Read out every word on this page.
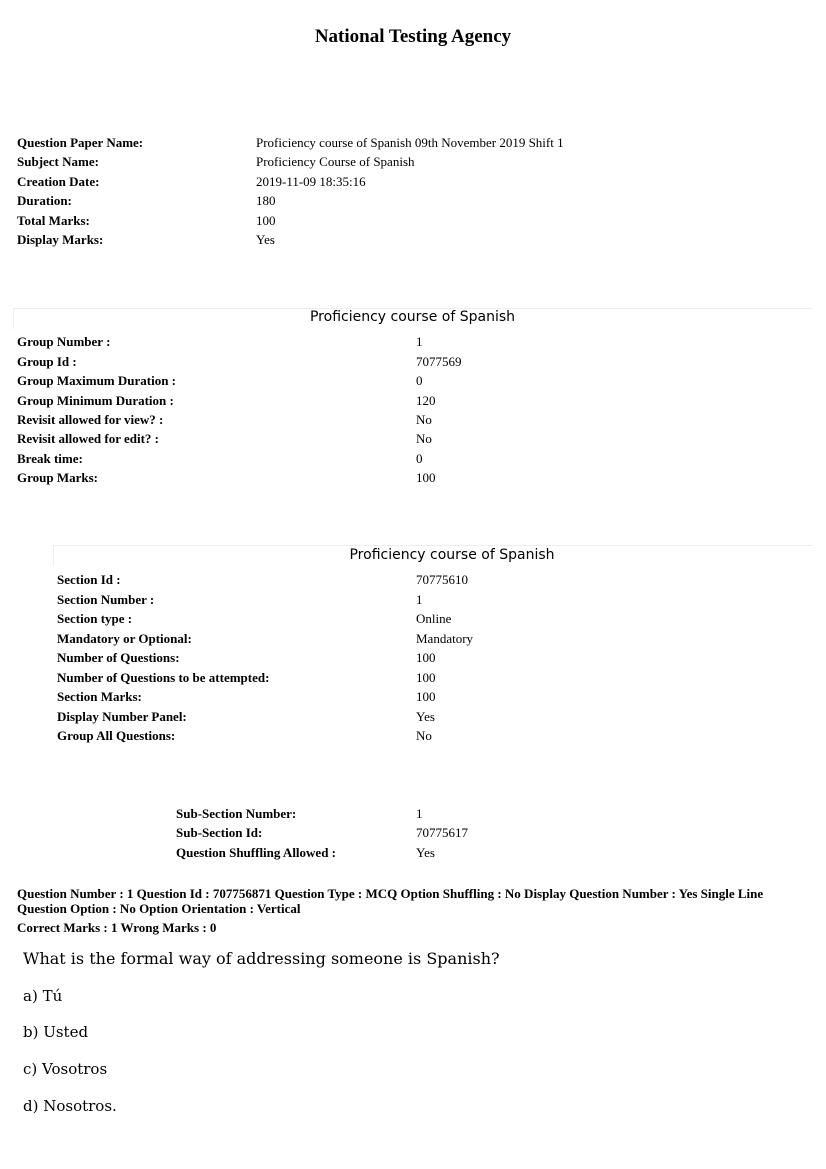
National Testing Agency
Question Paper Name:	Proficiency course of Spanish 09th November 2019 Shift 1
Subject Name:	Proficiency Course of Spanish
Creation Date:	2019-11-09 18:35:16
Duration:	180
Total Marks:	100
Display Marks:	Yes
Proficiency course of Spanish
Group Number :	1
Group Id :	7077569
Group Maximum Duration :	0
Group Minimum Duration :	120
Revisit allowed for view? :	No
Revisit allowed for edit? :	No
Break time:	0
Group Marks:	100
Proficiency course of Spanish
Section Id :	70775610
Section Number :	1
Section type :	Online
Mandatory or Optional:	Mandatory
Number of Questions:	100
Number of Questions to be attempted:	100
Section Marks:	100
Display Number Panel:	Yes
Group All Questions:	No
Sub-Section Number:	1
Sub-Section Id:	70775617
Question Shuffling Allowed :	Yes
Question Number : 1 Question Id : 707756871 Question Type : MCQ Option Shuffling : No Display Question Number : Yes Single Line Question Option : No Option Orientation : Vertical
Correct Marks : 1 Wrong Marks : 0
What is the formal way of addressing someone is Spanish?
a) Tú
b) Usted
c) Vosotros
d) Nosotros.
